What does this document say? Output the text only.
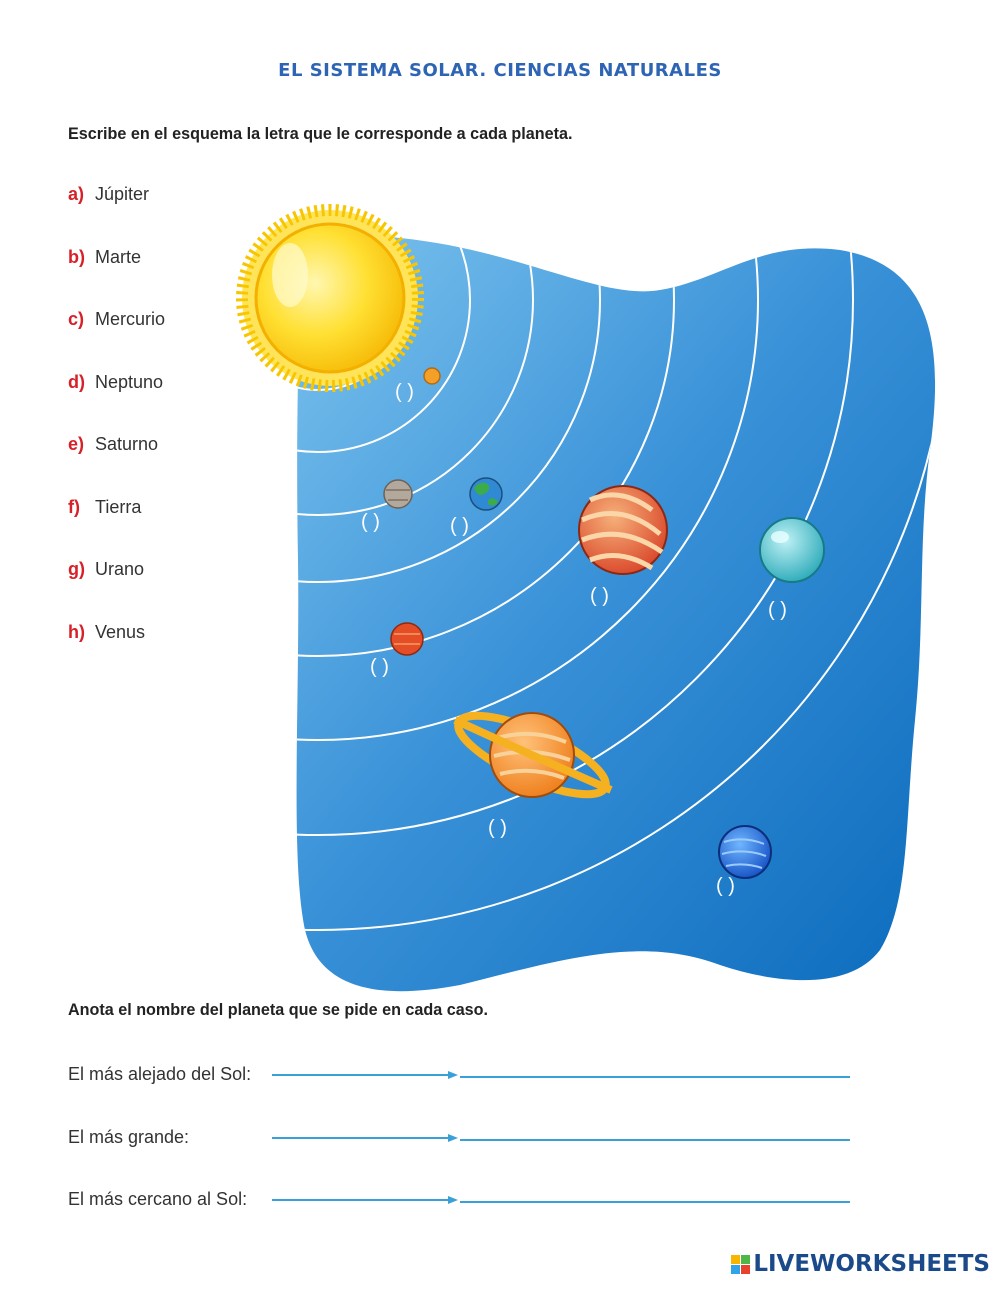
EL SISTEMA SOLAR. CIENCIAS NATURALES
Escribe en el esquema la letra que le corresponde a cada planeta.
a) Júpiter
b) Marte
c) Mercurio
d) Neptuno
e) Saturno
f) Tierra
g) Urano
h) Venus
( )
( )	( )
( )
( )
( )
( )
( )
Anota el nombre del planeta que se pide en cada caso.
El más alejado del Sol:
El más grande:
El más cercano al Sol:
LIVEWORKSHEETS
